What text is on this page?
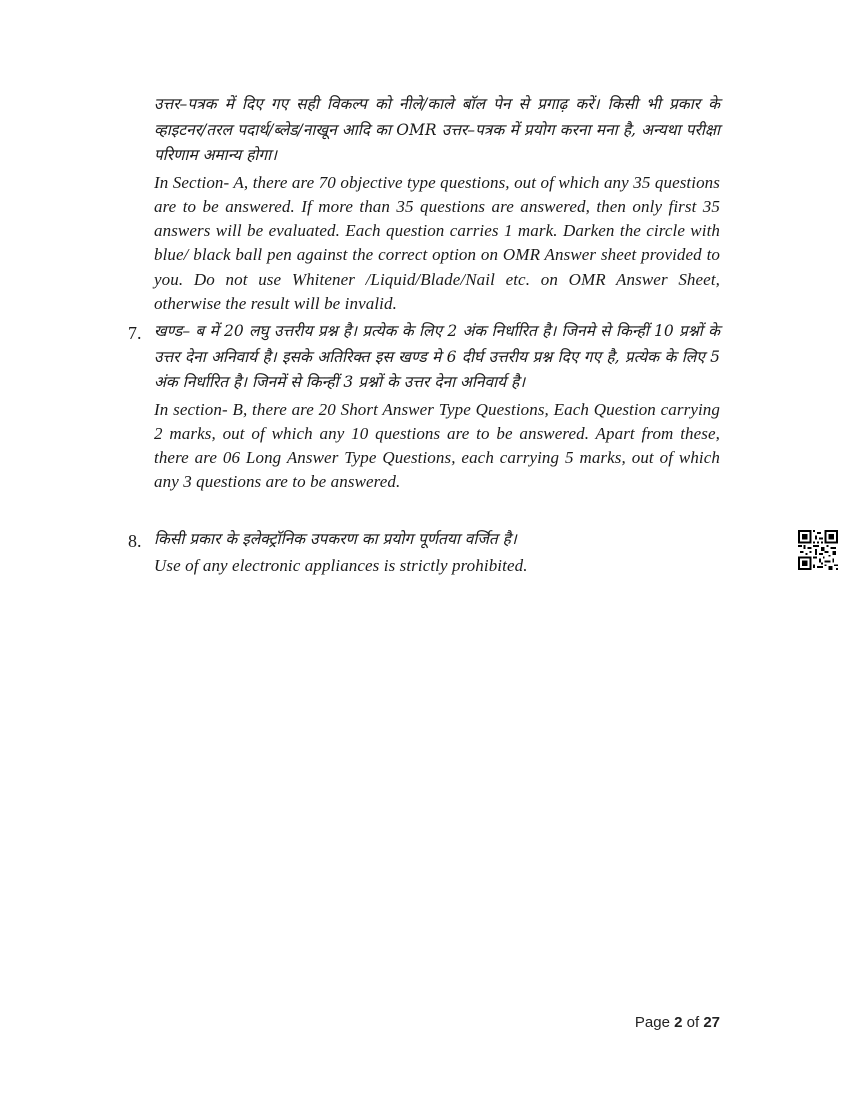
उत्तर–पत्रक में दिए गए सही विकल्प को नीले/काले बॉल पेन से प्रगाढ़ करें। किसी भी प्रकार के व्हाइटनर/तरल पदार्थ/ब्लेड/नाखून आदि का OMR उत्तर–पत्रक में प्रयोग करना मना है, अन्यथा परीक्षा परिणाम अमान्य होगा।

In Section- A, there are 70 objective type questions, out of which any 35 questions are to be answered. If more than 35 questions are answered, then only first 35 answers will be evaluated. Each question carries 1 mark. Darken the circle with blue/ black ball pen against the correct option on OMR Answer sheet provided to you. Do not use Whitener /Liquid/Blade/Nail etc. on OMR Answer Sheet, otherwise the result will be invalid.

7. खण्ड– ब में 20 लघु उत्तरीय प्रश्न है। प्रत्येक के लिए 2 अंक निर्धारित है। जिनमे से किन्हीं 10 प्रश्नों के उत्तर देना अनिवार्य है। इसके अतिरिक्त इस खण्ड मे 6 दीर्घ उत्तरीय प्रश्न दिए गए है, प्रत्येक के लिए 5 अंक निर्धारित है। जिनमें से किन्हीं 3 प्रश्नों के उत्तर देना अनिवार्य है।

In section- B, there are 20 Short Answer Type Questions, Each Question carrying 2 marks, out of which any 10 questions are to be answered. Apart from these, there are 06 Long Answer Type Questions, each carrying 5 marks, out of which any 3 questions are to be answered.

8. किसी प्रकार के इलेक्ट्रॉनिक उपकरण का प्रयोग पूर्णतया वर्जित है।

Use of any electronic appliances is strictly prohibited.

Page 2 of 27
